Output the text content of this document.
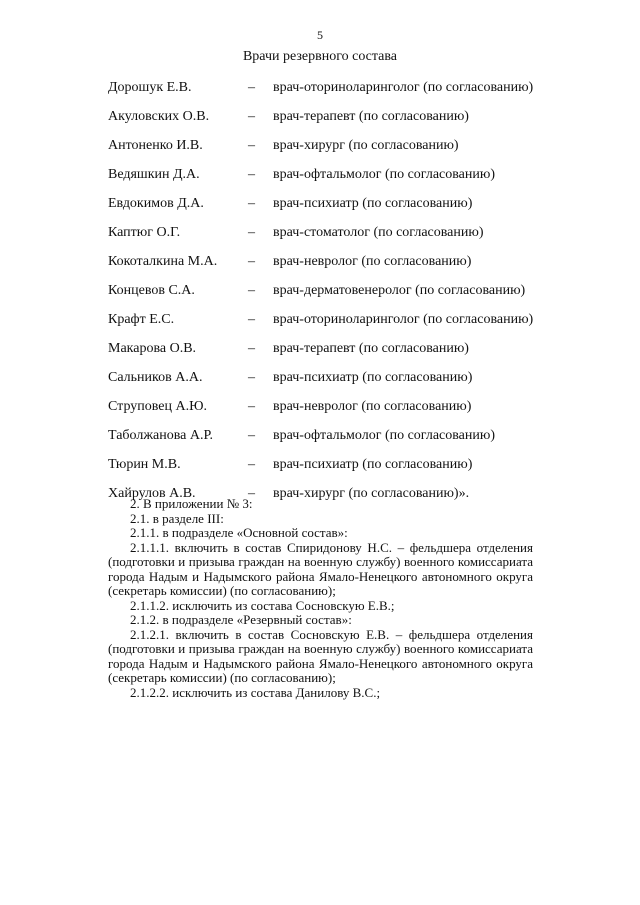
5
Врачи резервного состава
Дорошук Е.В.	– врач-оториноларинголог (по согласованию)
Акуловских О.В.	– врач-терапевт (по согласованию)
Антоненко И.В.	– врач-хирург (по согласованию)
Ведяшкин Д.А.	– врач-офтальмолог (по согласованию)
Евдокимов Д.А.	– врач-психиатр (по согласованию)
Каптюг О.Г.	– врач-стоматолог (по согласованию)
Кокоталкина М.А. – врач-невролог (по согласованию)
Концевов С.А.	– врач-дерматовенеролог (по согласованию)
Крафт Е.С.	– врач-оториноларинголог (по согласованию)
Макарова О.В.	– врач-терапевт (по согласованию)
Сальников А.А.	– врач-психиатр (по согласованию)
Струповец А.Ю.	– врач-невролог (по согласованию)
Таболжанова А.Р. – врач-офтальмолог (по согласованию)
Тюрин М.В.	– врач-психиатр (по согласованию)
Хайрулов А.В.	– врач-хирург (по согласованию)».

2. В приложении № 3:

2.1. в разделе III:

2.1.1. в подразделе «Основной состав»:

2.1.1.1. включить в состав Спиридонову Н.С. – фельдшера отделения (подготовки и призыва граждан на военную службу) военного комиссариата города Надым и Надымского района Ямало-Ненецкого автономного округа (секретарь комиссии) (по согласованию);

2.1.1.2. исключить из состава Сосновскую Е.В.;

2.1.2. в подразделе «Резервный состав»:

2.1.2.1. включить в состав Сосновскую Е.В. – фельдшера отделения (подготовки и призыва граждан на военную службу) военного комиссариата города Надым и Надымского района Ямало-Ненецкого автономного округа (секретарь комиссии) (по согласованию);

2.1.2.2. исключить из состава Данилову В.С.;
